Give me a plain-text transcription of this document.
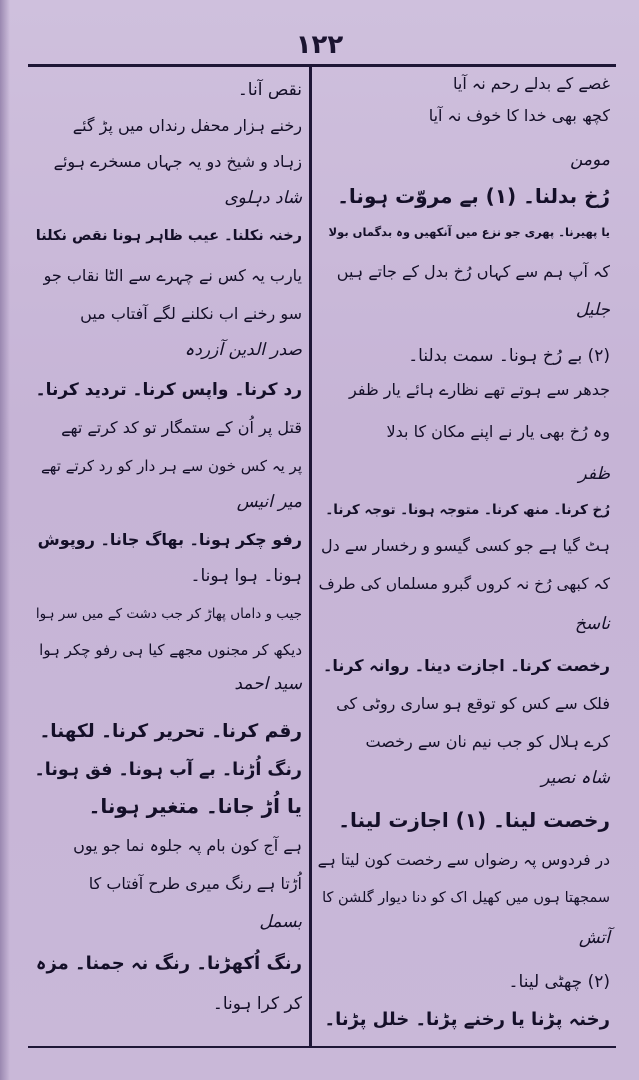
۱۲۲
غصے کے بدلے رحم نہ آیا
کچھ بھی خدا کا خوف نہ آیا
مومن
رُخ بدلنا۔ (۱) بے مروّت ہونا۔
یا پھیرنا۔ پھری جو نزع میں آنکھیں وہ بدگماں بولا
کہ آپ ہم سے کہاں رُخ بدل کے جاتے ہیں
جلیل
(۲) بے رُخ ہونا۔ سمت بدلنا۔
جدھر سے ہوتے تھے نظارے ہائے یار ظفر
وہ رُخ بھی یار نے اپنے مکان کا بدلا
ظفر
رُخ کرنا۔ منھ کرنا۔ متوجہ ہونا۔ توجہ کرنا۔
ہٹ گیا ہے جو کسی گیسو و رخسار سے دل
کہ کبھی رُخ نہ کروں گبرو مسلماں کی طرف
ناسخ
رخصت کرنا۔ اجازت دینا۔ روانہ کرنا۔
فلک سے کس کو توقع ہو ساری روٹی کی
کرے ہلال کو جب نیم نان سے رخصت
شاہ نصیر
رخصت لینا۔ (۱) اجازت لینا۔
در فردوس پہ رضواں سے رخصت کون لیتا ہے
سمجھتا ہوں میں کھیل اک کو دنا دیوار گلشن کا
آتش
(۲) چھٹی لینا۔
رخنہ پڑنا یا رخنے پڑنا۔ خلل پڑنا۔
نقص آنا۔
رخنے ہزار محفل رنداں میں پڑ گئے
زہاد و شیخ دو یہ جہاں مسخرے ہوئے
شاد دہلوی
رخنہ نکلنا۔ عیب ظاہر ہونا نقص نکلنا
یارب یہ کس نے چہرے سے الٹا نقاب جو
سو رخنے اب نکلنے لگے آفتاب میں
صدر الدین آزردہ
رد کرنا۔ واپس کرنا۔ تردید کرنا۔
قتل پر اُن کے ستمگار تو کد کرتے تھے
پر یہ کس خون سے ہر دار کو رد کرتے تھے
میر انیس
رفو چکر ہونا۔ بھاگ جانا۔ روپوش
ہونا۔ ہوا ہونا۔
جیب و داماں پھاڑ کر جب دشت کے میں سر ہوا
دیکھ کر مجنوں مجھے کیا ہی رفو چکر ہوا
سید احمد
رقم کرنا۔ تحریر کرنا۔ لکھنا۔
رنگ اُڑنا۔ بے آب ہونا۔ فق ہونا۔
یا اُڑ جانا۔ متغیر ہونا۔
ہے آج کون بام پہ جلوہ نما جو یوں
اُڑتا ہے رنگ میری طرح آفتاب کا
بسمل
رنگ اُکھڑنا۔ رنگ نہ جمنا۔ مزہ
کر کرا ہونا۔
